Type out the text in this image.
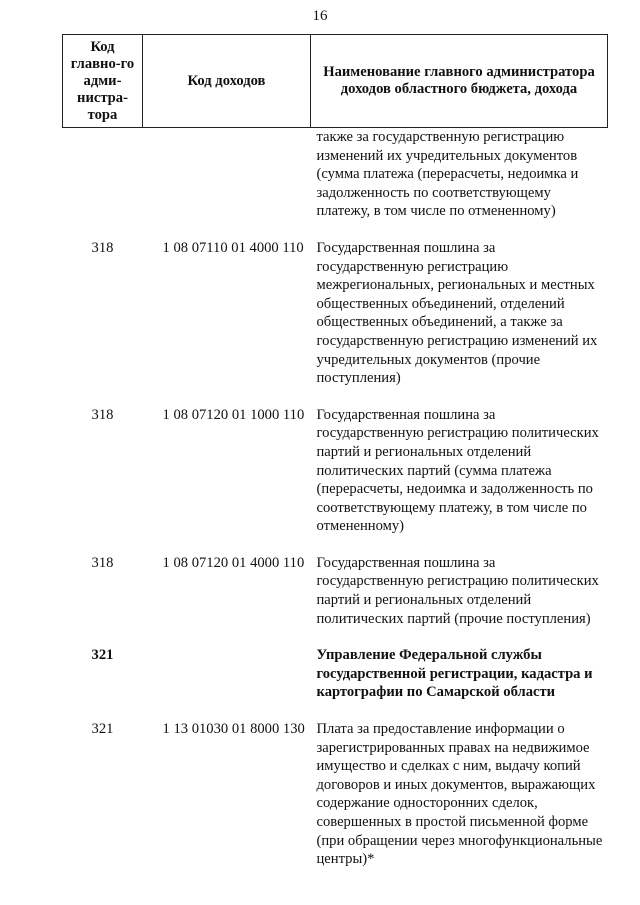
16
Код главно-го адми-нистра-тора	Код доходов	Наименование главного администратора доходов областного бюджета, дохода
		также за государственную регистрацию изменений их учредительных документов (сумма платежа (перерасчеты, недоимка и задолженность по соответствующему платежу, в том числе по отмененному)
318	1 08 07110 01 4000 110	Государственная пошлина за государственную регистрацию межрегиональных, региональных и местных общественных объединений, отделений общественных объединений, а также за государственную регистрацию изменений их учредительных документов (прочие поступления)
318	1 08 07120 01 1000 110	Государственная пошлина за государственную регистрацию политических партий и региональных отделений политических партий (сумма платежа (перерасчеты, недоимка и задолженность по соответствующему платежу, в том числе по отмененному)
318	1 08 07120 01 4000 110	Государственная пошлина за государственную регистрацию политических партий и региональных отделений политических партий (прочие поступления)
321		Управление Федеральной службы государственной регистрации, кадастра и картографии по Самарской области
321	1 13 01030 01 8000 130	Плата за предоставление информации о зарегистрированных правах на недвижимое имущество и сделках с ним, выдачу копий договоров и иных документов, выражающих содержание односторонних сделок, совершенных в простой письменной форме (при обращении через многофункциональные центры)*
